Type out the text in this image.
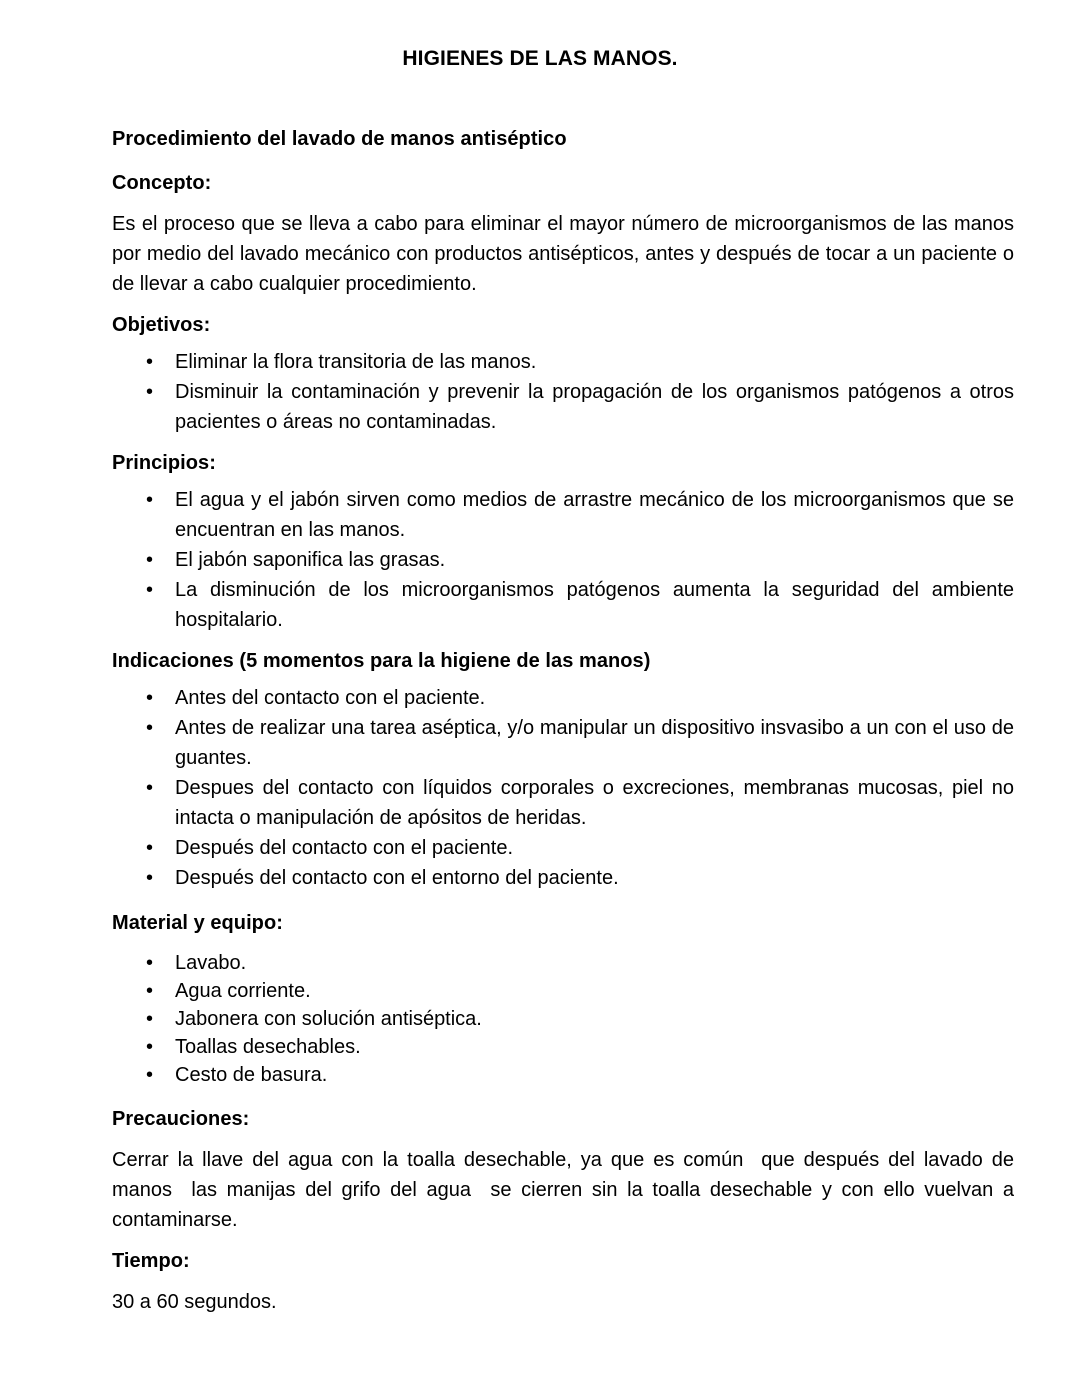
HIGIENES DE LAS MANOS.
Procedimiento del lavado de manos antiséptico
Concepto:

Es el proceso que se lleva a cabo para eliminar el mayor número de microorganismos de las manos por medio del lavado mecánico con productos antisépticos, antes y después de tocar a un paciente o de llevar a cabo cualquier procedimiento.

Objetivos:
• Eliminar la flora transitoria de las manos.
• Disminuir la contaminación y prevenir la propagación de los organismos patógenos a otros pacientes o áreas no contaminadas.
Principios:
• El agua y el jabón sirven como medios de arrastre mecánico de los microorganismos que se encuentran en las manos.
• El jabón saponifica las grasas.
• La disminución de los microorganismos patógenos aumenta la seguridad del ambiente hospitalario.
Indicaciones (5 momentos para la higiene de las manos)
• Antes del contacto con el paciente.
• Antes de realizar una tarea aséptica, y/o manipular un dispositivo insvasibo a un con el uso de guantes.
• Despues del contacto con líquidos corporales o excreciones, membranas mucosas, piel no intacta o manipulación de apósitos de heridas.
• Después del contacto con el paciente.
• Después del contacto con el entorno del paciente.
Material y equipo:
• Lavabo.
• Agua corriente.
• Jabonera con solución antiséptica.
• Toallas desechables.
• Cesto de basura.
Precauciones:

Cerrar la llave del agua con la toalla desechable, ya que es común  que después del lavado de manos  las manijas del grifo del agua  se cierren sin la toalla desechable y con ello vuelvan a contaminarse.

Tiempo:

30 a 60 segundos.
